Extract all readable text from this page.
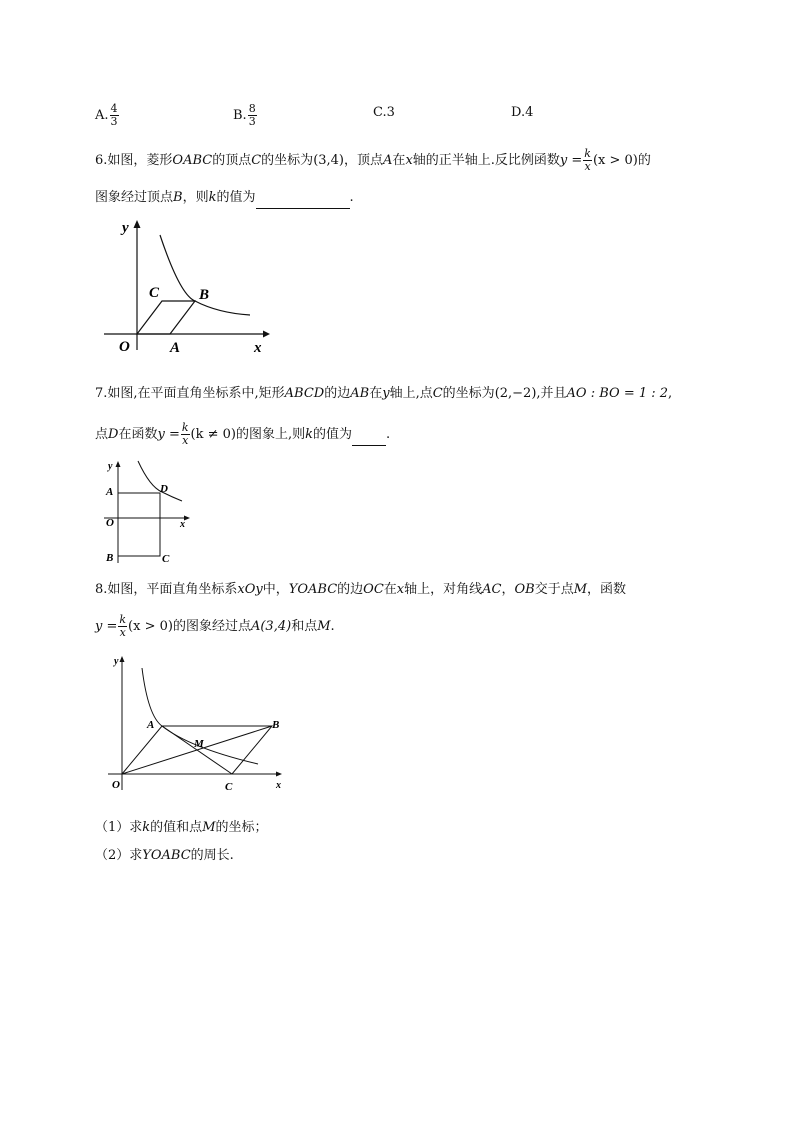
A. $\frac{4}{3}$	B. $\frac{8}{3}$	C.3	D.4
6.如图，菱形OABC的顶点C的坐标为(3,4)，顶点A在x轴的正半轴上.反比例函数$y = \frac{k}{x} (x > 0)$的
图象经过顶点B，则k的值为	.
y
x
O	A
B
C
7.如图,在平面直角坐标系中,矩形ABCD的边AB在y轴上,点C的坐标为(2,−2),并且AO : BO = 1 : 2,
点D在函数$y = \frac{k}{x} (k \ne 0)$的图象上,则k的值为	.
y
x
O
A
B	C
D
8.如图，平面直角坐标系xOy中，YOABC的边OC在x轴上，对角线AC，OB交于点M，函数
$y = \frac{k}{x} (x > 0)$的图象经过点A(3,4)和点M.
y
x
O
A	B
C
M
（1）求k的值和点M的坐标；
（2）求YOABC的周长.
